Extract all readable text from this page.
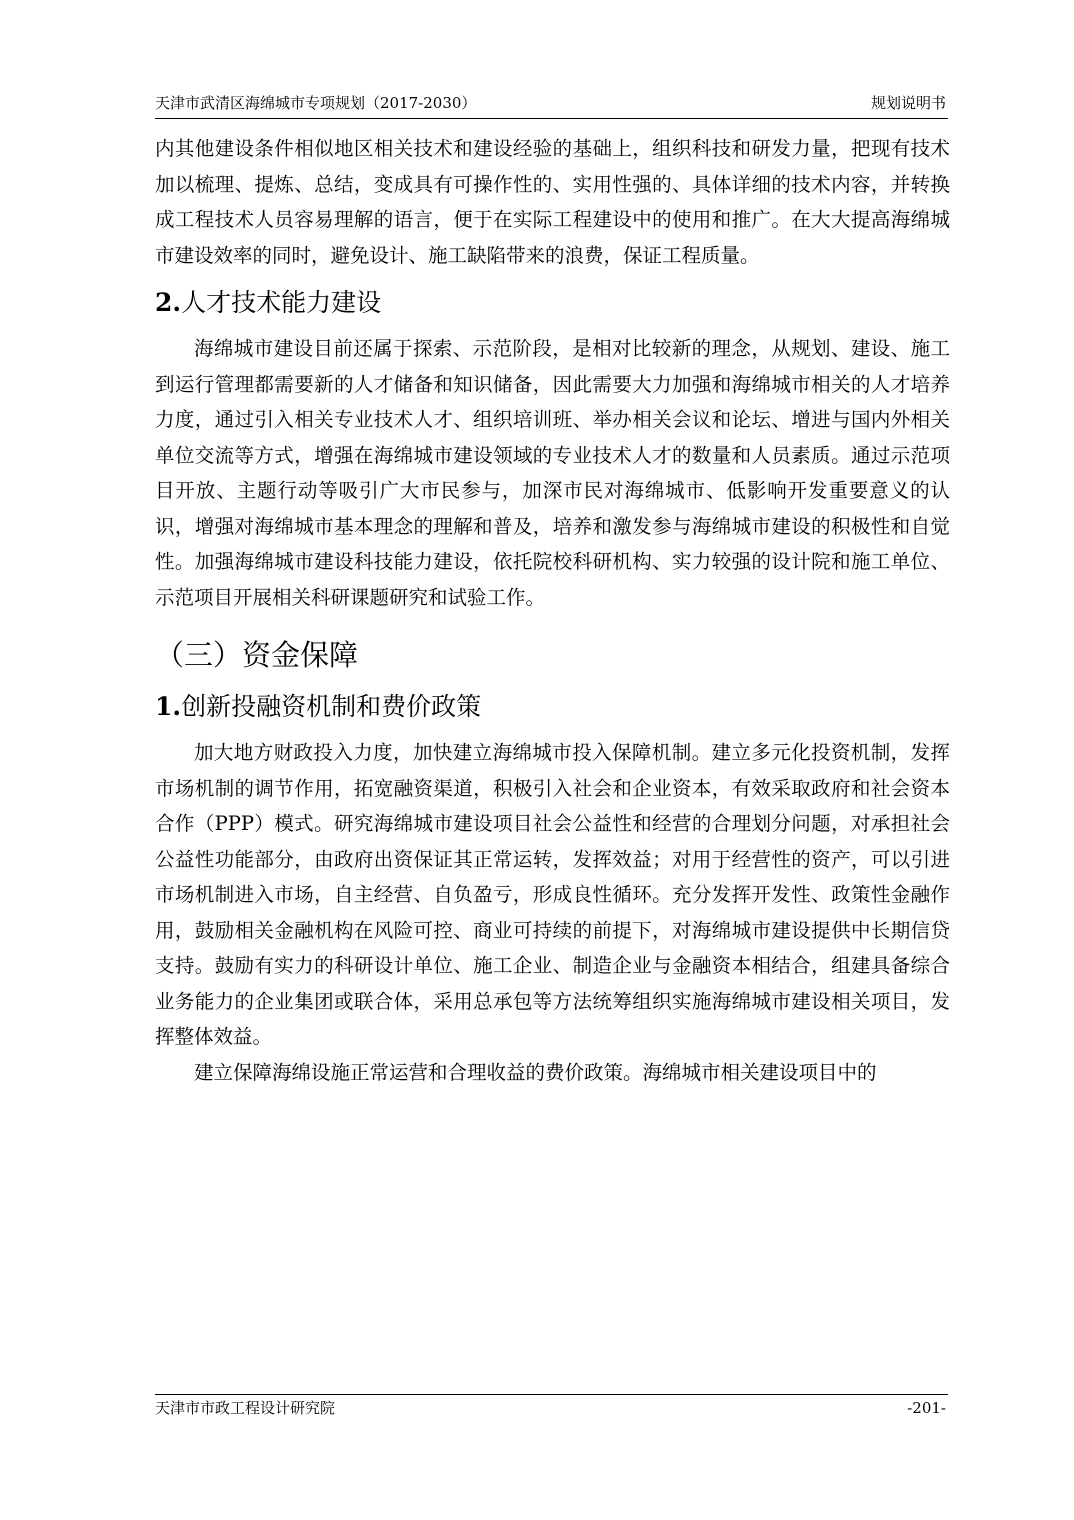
天津市武清区海绵城市专项规划（2017-2030）	规划说明书

内其他建设条件相似地区相关技术和建设经验的基础上，组织科技和研发力量，把现有技术加以梳理、提炼、总结，变成具有可操作性的、实用性强的、具体详细的技术内容，并转换成工程技术人员容易理解的语言，便于在实际工程建设中的使用和推广。在大大提高海绵城市建设效率的同时，避免设计、施工缺陷带来的浪费，保证工程质量。

2.人才技术能力建设

海绵城市建设目前还属于探索、示范阶段，是相对比较新的理念，从规划、建设、施工到运行管理都需要新的人才储备和知识储备，因此需要大力加强和海绵城市相关的人才培养力度，通过引入相关专业技术人才、组织培训班、举办相关会议和论坛、增进与国内外相关单位交流等方式，增强在海绵城市建设领域的专业技术人才的数量和人员素质。通过示范项目开放、主题行动等吸引广大市民参与，加深市民对海绵城市、低影响开发重要意义的认识，增强对海绵城市基本理念的理解和普及，培养和激发参与海绵城市建设的积极性和自觉性。加强海绵城市建设科技能力建设，依托院校科研机构、实力较强的设计院和施工单位、示范项目开展相关科研课题研究和试验工作。

（三）资金保障
1.创新投融资机制和费价政策

加大地方财政投入力度，加快建立海绵城市投入保障机制。建立多元化投资机制，发挥市场机制的调节作用，拓宽融资渠道，积极引入社会和企业资本，有效采取政府和社会资本合作（PPP）模式。研究海绵城市建设项目社会公益性和经营的合理划分问题，对承担社会公益性功能部分，由政府出资保证其正常运转，发挥效益；对用于经营性的资产，可以引进市场机制进入市场，自主经营、自负盈亏，形成良性循环。充分发挥开发性、政策性金融作用，鼓励相关金融机构在风险可控、商业可持续的前提下，对海绵城市建设提供中长期信贷支持。鼓励有实力的科研设计单位、施工企业、制造企业与金融资本相结合，组建具备综合业务能力的企业集团或联合体，采用总承包等方法统筹组织实施海绵城市建设相关项目，发挥整体效益。

建立保障海绵设施正常运营和合理收益的费价政策。海绵城市相关建设项目中的

天津市市政工程设计研究院	-201-
